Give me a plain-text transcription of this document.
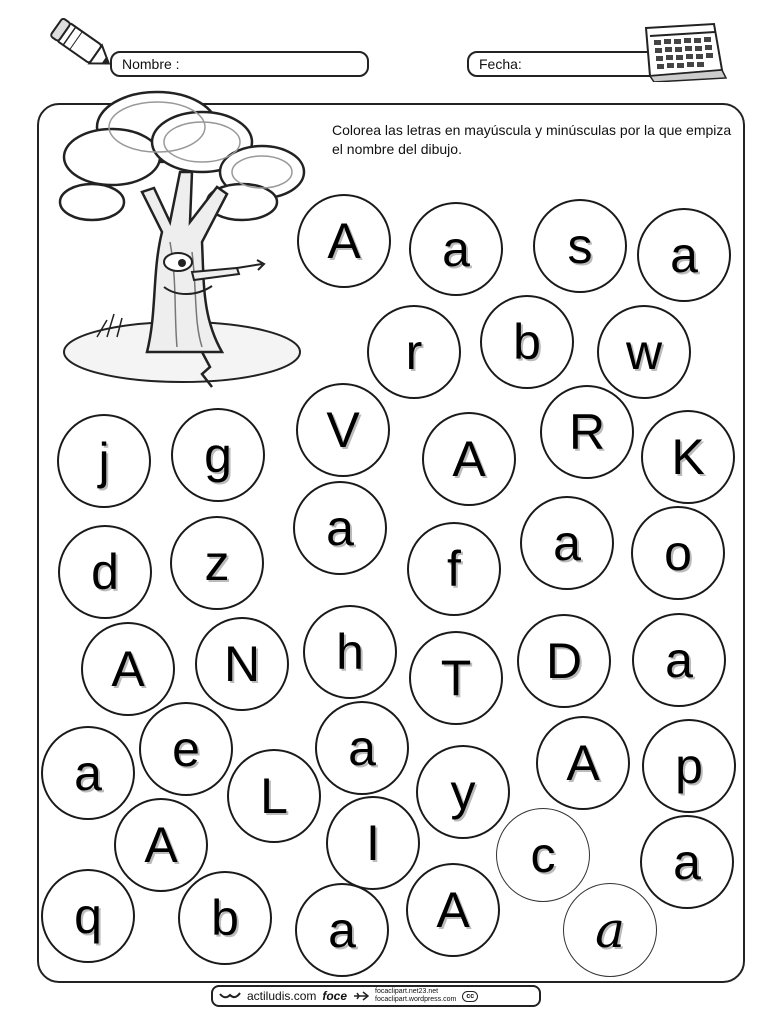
Nombre :	Fecha:
Colorea las letras en mayúscula y minúsculas por la que empiza el nombre del dibujo.
A a s a
r b w
j g V
A R K
a
d z	f a o
h
A N	T D a
e	a
a	L	y
A p
A	I	c a
q b a A	a
actiludis.com foce	focaclipart.net23.net
focaclipart.wordpress.com	cc
